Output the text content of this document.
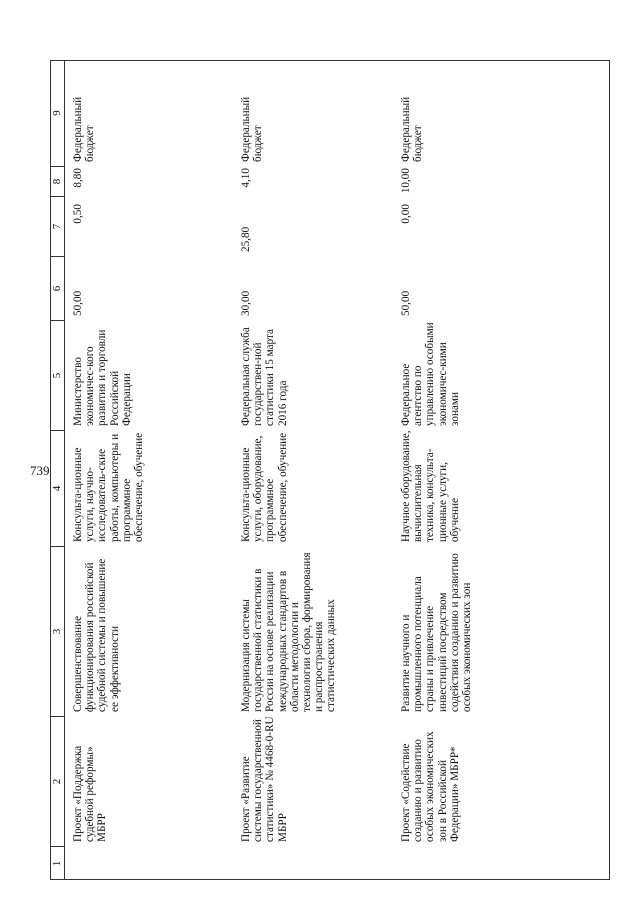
739
1
2
3
4
5
6
7
8
9
Проект «Поддержка судебной реформы» МБРР
Совершенствование функционирования российской судебной системы и повышение ее эффективности
Консульта-ционные услуги, научно-исследователь-ские работы, компьютеры и программное обеспечение, обучение
Министерство экономичес-кого развития и торговли Российской Федерации
50,00
0,50
8,80
Федеральный бюджет
Проект «Развитие системы государственной статистики» № 4468-0-RU МБРР
Модернизация системы государственной статистики в России на основе реализации международных стандартов в области методологии и технологии сбора, формирования и распространения статистических данных
Консульта-ционные услуги, оборудование, программное обеспечение, обучение
Федеральная служба государствен-ной статистики 15 марта 2016 года
30,00
25,80
4,10
Федеральный бюджет
Проект «Содействие созданию и развитию особых экономических зон в Российской Федерации» МБРР*
Развитие научного и промышленного потенциала страны и привлечение инвестиций посредством содействия созданию и развитию особых экономических зон
Научное оборудование, вычислительная техника, консульта-ционные услуги, обучение
Федеральное агентство по управлению особыми экономичес-кими зонами
50,00
0,00
10,00
Федеральный бюджет
